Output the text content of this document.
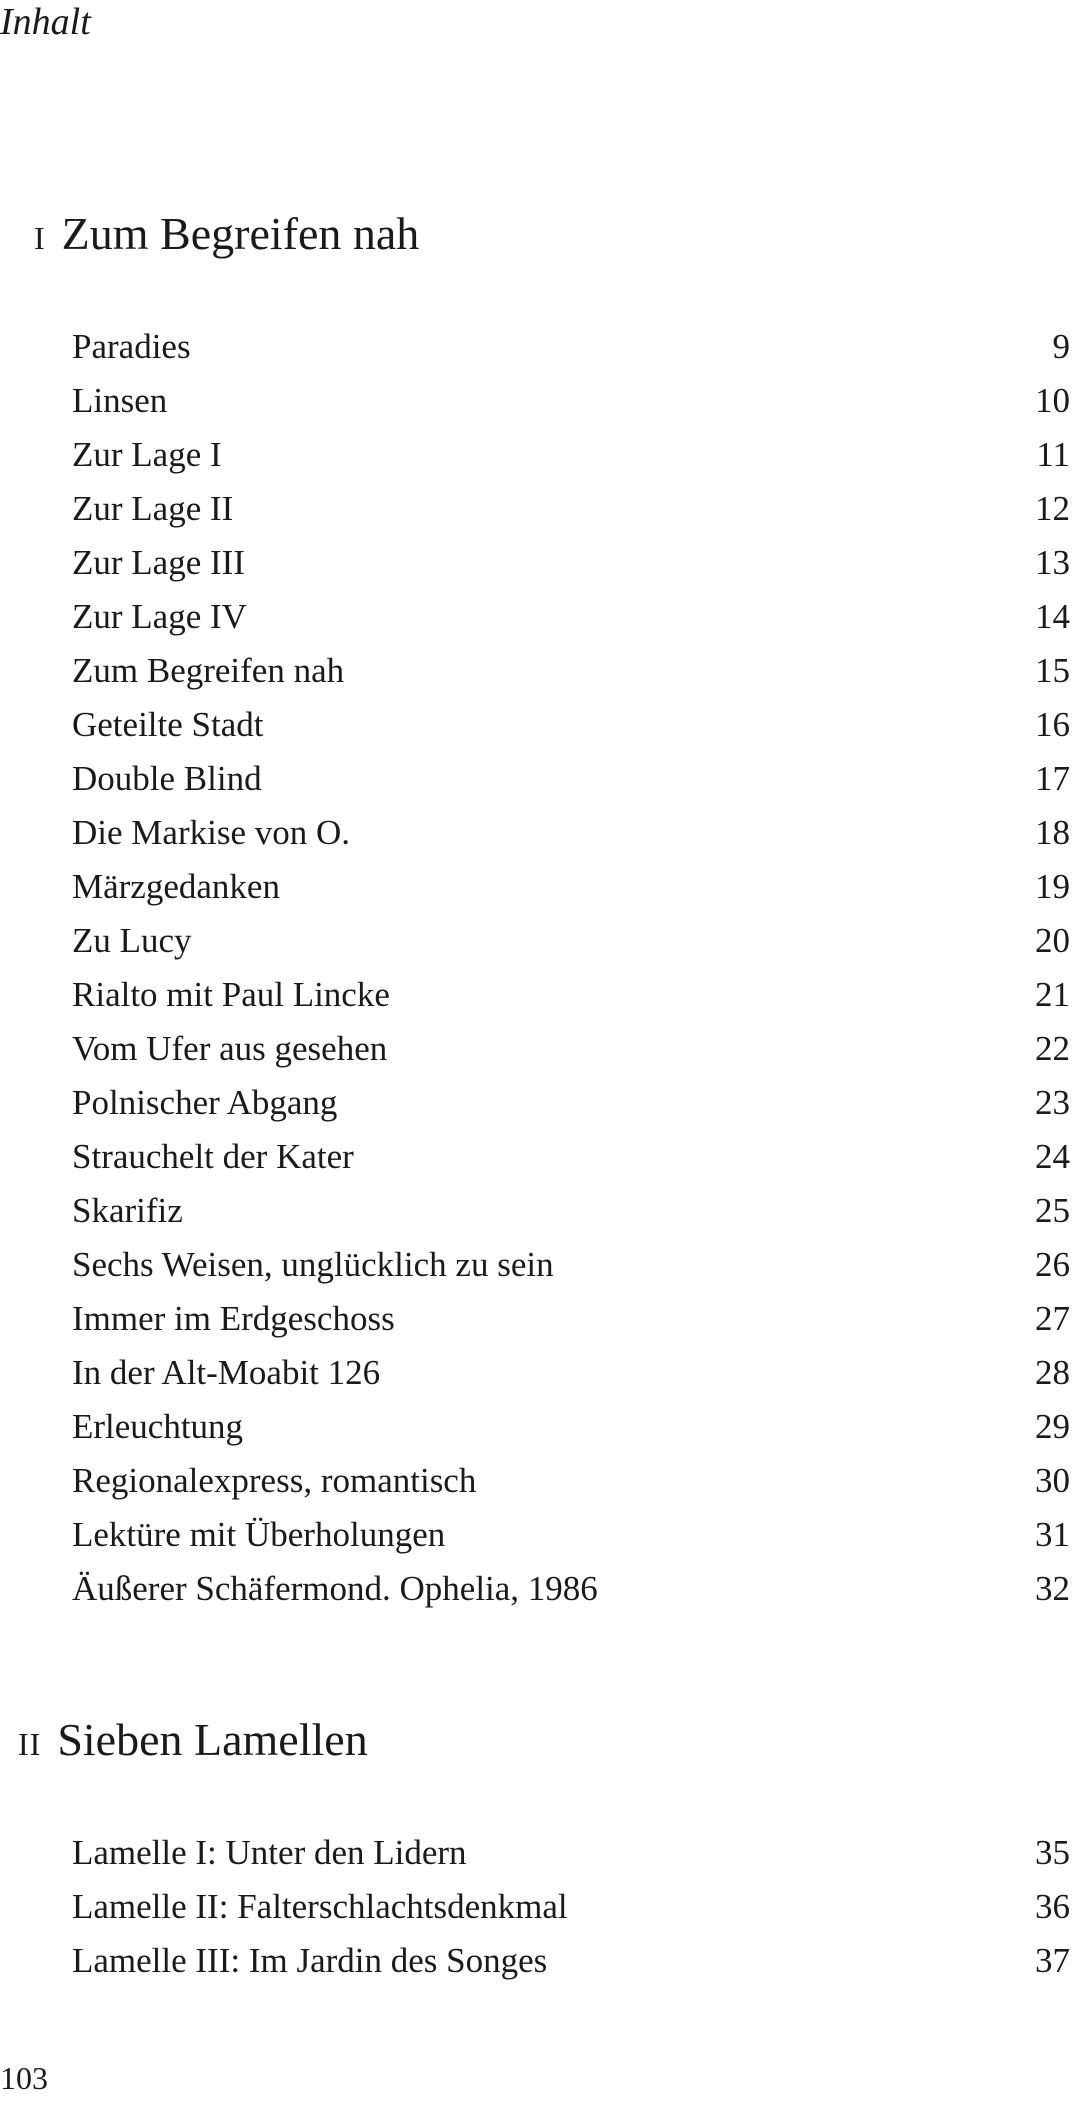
Inhalt
i Zum Begreifen nah
Paradies	9
Linsen	10
Zur Lage I	11
Zur Lage II	12
Zur Lage III	13
Zur Lage IV	14
Zum Begreifen nah	15
Geteilte Stadt	16
Double Blind	17
Die Markise von O.	18
Märzgedanken	19
Zu Lucy	20
Rialto mit Paul Lincke	21
Vom Ufer aus gesehen	22
Polnischer Abgang	23
Strauchelt der Kater	24
Skarifiz	25
Sechs Weisen, unglücklich zu sein	26
Immer im Erdgeschoss	27
In der Alt-Moabit 126	28
Erleuchtung	29
Regionalexpress, romantisch	30
Lektüre mit Überholungen	31
Äußerer Schäfermond. Ophelia, 1986	32
ii Sieben Lamellen
Lamelle I: Unter den Lidern	35
Lamelle II: Falterschlachtsdenkmal	36
Lamelle III: Im Jardin des Songes	37
103
